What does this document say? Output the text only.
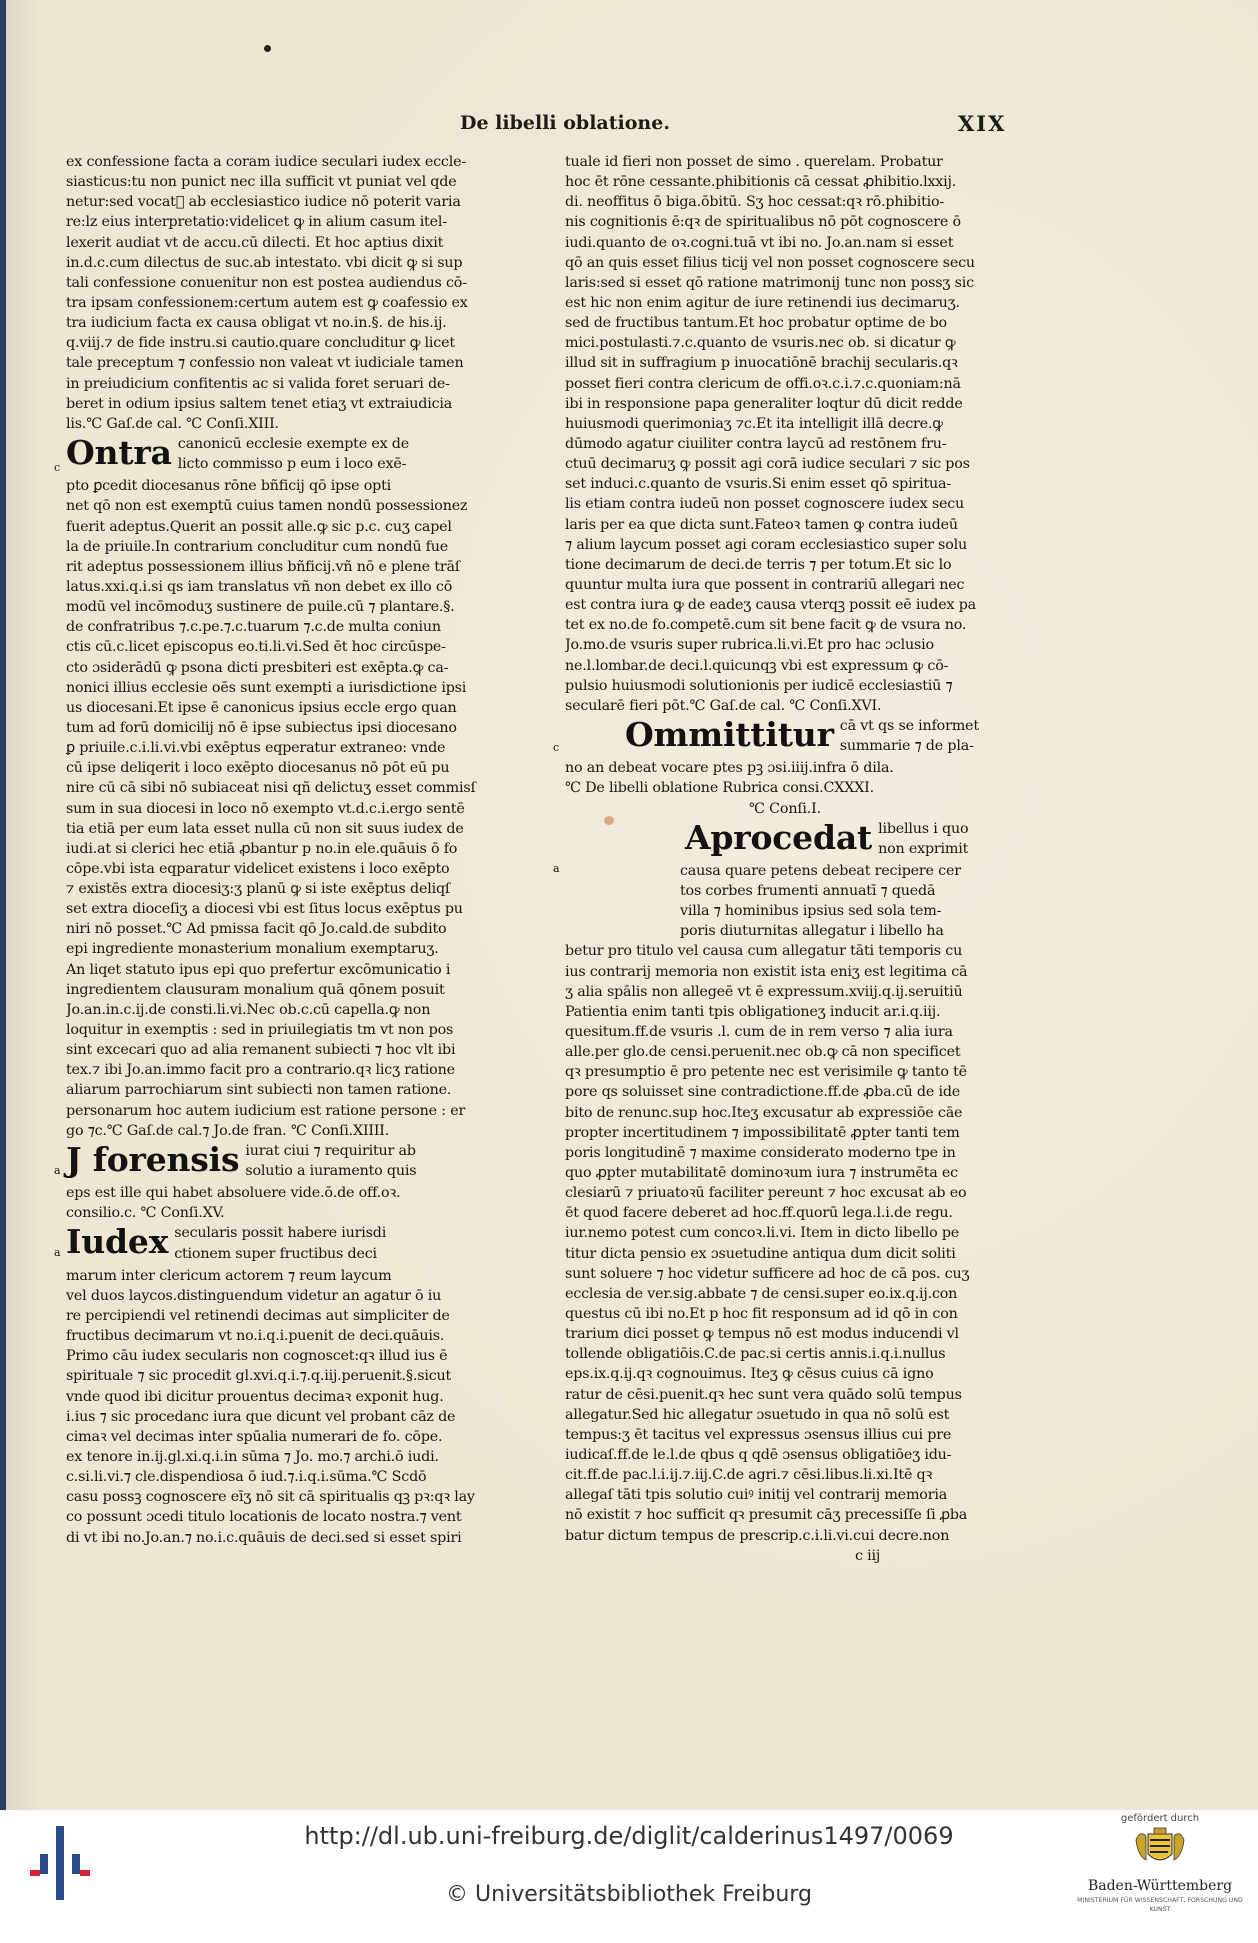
De libelli oblatione.	XIX
ex confessione facta a coram iudice seculari iudex eccle-
siasticus:tu non punict nec illa sufficit vt puniat vel qde
netur:sed vocat᷑ ab ecclesiastico iudice nō poterit varia
re:lz eius interpretatio:videlicet ꝙ in alium casum itel-
lexerit audiat vt de accu.cū dilecti. Et hoc aptius dixit
in.d.c.cum dilectus de suc.ab intestato. vbi dicit ꝙ si sup
tali confessione conuenitur non est postea audiendus cō-
tra ipsam confessionem:certum autem est ꝙ coafessio ex
tra iudicium facta ex causa obligat vt no.in.§. de his.ij.
q.viij.⁊ de fide instru.si cautio.quare concluditur ꝙ licet
tale preceptum ⁊ confessio non valeat vt iudiciale tamen
in preiudicium confitentis ac si valida foret seruari de-
beret in odium ipsius saltem tenet etiaʒ vt extraiudicia
lis.℃ Gaſ.de cal. ℃ Conſi.XIII.
c Ontra canonicū ecclesie exempte ex de
licto commisso p eum i loco exē-
pto ꝑcedit diocesanus rōne bñficij qō ipse opti
net qō non est exemptū cuius tamen nondū possessionez
fuerit adeptus.Querit an possit alle.ꝙ sic p.c. cuʒ capel
la de priuile.In contrarium concluditur cum nondū fue
rit adeptus possessionem illius bñficij.vñ nō e plene trāſ
latus.xxi.q.i.si qs iam translatus vñ non debet ex illo cō
modū vel incōmoduʒ sustinere de puile.cū ⁊ plantare.§.
de confratribus ⁊.c.pe.⁊.c.tuarum ⁊.c.de multa coniun
ctis cū.c.licet episcopus eo.ti.li.vi.Sed ēt hoc circūspe-
cto ɔsiderādū ꝙ psona dicti presbiteri est exēpta.ꝙ ca-
nonici illius ecclesie oēs sunt exempti a iurisdictione ipsi
us diocesani.Et ipse ē canonicus ipsius eccle ergo quan
tum ad forū domicilij nō ē ipse subiectus ipsi diocesano
ꝑ priuile.c.i.li.vi.vbi exēptus eqperatur extraneo: vnde
cū ipse deliqerit i loco exēpto diocesanus nō pōt eū pu
nire cū cā sibi nō subiaceat nisi qñ delictuʒ esset commisſ
sum in sua diocesi in loco nō exempto vt.d.c.i.ergo sentē
tia etiā per eum lata esset nulla cū non sit suus iudex de
iudi.at si clerici hec etiā ꝓbantur p no.in ele.quāuis ō fo
cōpe.vbi ista eqparatur videlicet existens i loco exēpto
⁊ existēs extra diocesiʒ:ʒ planū ꝙ si iste exēptus deliqſ
set extra dioceſiʒ a diocesi vbi est ſitus locus exēptus pu
niri nō posset.℃ Ad pmissa facit qō Jo.cald.de subdito
epi ingrediente monasterium monalium exemptaruʒ.
An liqet statuto ipus epi quo prefertur excōmunicatio i
ingredientem clausuram monalium quā qōnem posuit
Jo.an.in.c.ij.de consti.li.vi.Nec ob.c.cū capella.ꝙ non
loquitur in exemptis : sed in priuilegiatis tm vt non pos
sint excecari quo ad alia remanent subiecti ⁊ hoc vlt ibi
tex.⁊ ibi Jo.an.immo facit pro a contrario.qꝛ licʒ ratione
aliarum parrochiarum sint subiecti non tamen ratione.
personarum hoc autem iudicium est ratione persone : er
go ⁊c.℃ Gaſ.de cal.⁊ Jo.de fran. ℃ Conſi.XIIII.
a J forensis iurat ciui ⁊ requiritur ab
solutio a iuramento quis
eps est ille qui habet absoluere vide.ō.de off.oꝛ.
consilio.c. ℃ Conſi.XV.
a Iudex secularis possit habere iurisdi
ctionem super fructibus deci
marum inter clericum actorem ⁊ reum laycum
vel duos laycos.distinguendum videtur an agatur ō iu
re percipiendi vel retinendi decimas aut simpliciter de
fructibus decimarum vt no.i.q.i.puenit de deci.quāuis.
Primo cāu iudex secularis non cognoscet:qꝛ illud ius ē
spirituale ⁊ sic procedit gl.xvi.q.i.⁊.q.iij.peruenit.§.sicut
vnde quod ibi dicitur prouentus decimaꝛ exponit hug.
i.ius ⁊ sic procedanc iura que dicunt vel probant cāz de
cimaꝛ vel decimas inter spūalia numerari de fo. cōpe.
ex tenore in.ij.gl.xi.q.i.in sūma ⁊ Jo. mo.⁊ archi.ō iudi.
c.si.li.vi.⁊ cle.dispendiosa ō iud.⁊.i.q.i.sūma.℃ Scdō
casu possꝫ cognoscere eīʒ nō sit cā spiritualis qꝫ pꝛ:qꝛ lay
co possunt ɔcedi titulo locationis de locato nostra.⁊ vent
di vt ibi no.Jo.an.⁊ no.i.c.quāuis de deci.sed si esset spiri
tuale id fieri non posset de simo . querelam. Probatur
hoc ēt rōne cessante.phibitionis cā cessat ꝓhibitio.lxxij.
di. neoffitus ō biga.ōbitū. Sʒ hoc cessat:qꝛ rō.phibitio-
nis cognitionis ē:qꝛ de spiritualibus nō pōt cognoscere ō
iudi.quanto de oꝛ.cogni.tuā vt ibi no. Jo.an.nam si esset
qō an quis esset filius ticij vel non posset cognoscere secu
laris:sed si esset qō ratione matrimonij tunc non possʒ sic
est hic non enim agitur de iure retinendi ius decimaruʒ.
sed de fructibus tantum.Et hoc probatur optime de bo
mici.postulasti.⁊.c.quanto de vsuris.nec ob. si dicatur ꝙ
illud sit in suffragium p inuocatiōnē brachij secularis.qꝛ
posset fieri contra clericum de offi.oꝛ.c.i.⁊.c.quoniam:nā
ibi in responsione papa generaliter loqtur dū dicit redde
huiusmodi querimoniaʒ ⁊c.Et ita intelligit illā decre.ꝙ
dūmodo agatur ciuiliter contra laycū ad restōnem fru-
ctuū decimaruʒ ꝙ possit agi corā iudice seculari ⁊ sic pos
set induci.c.quanto de vsuris.Si enim esset qō spiritua-
lis etiam contra iudeū non posset cognoscere iudex secu
laris per ea que dicta sunt.Fateoꝛ tamen ꝙ contra iudeū
⁊ alium laycum posset agi coram ecclesiastico super solu
tione decimarum de deci.de terris ⁊ per totum.Et sic lo
quuntur multa iura que possent in contrariū allegari nec
est contra iura ꝙ de eadeʒ causa vterqꝫ possit eē iudex pa
tet ex no.de fo.competē.cum sit bene facit ꝙ de vsura no.
Jo.mo.de vsuris super rubrica.li.vi.Et pro hac ɔclusio
ne.l.lombar.de deci.l.quicunqꝫ vbi est expressum ꝙ cō-
pulsio huiusmodi solutionionis per iudicē ecclesiastiū ⁊
secularē fieri pōt.℃ Gaſ.de cal. ℃ Conſi.XVI.
c Ommittitur cā vt qs se informet
summarie ⁊ de pla-
no an debeat vocare ptes pꝫ ɔsi.iiij.infra ō dila.
℃ De libelli oblatione Rubrica consi.CXXXI.
℃ Conſi.I.
a
Aprocedat libellus i quo
non exprimit
causa quare petens debeat recipere cer
tos corbes frumenti annuatī ⁊ quedā
villa ⁊ hominibus ipsius sed sola tem-
poris diuturnitas allegatur i libello ha
betur pro titulo vel causa cum allegatur tāti temporis cu
ius contrarij memoria non existit ista eniʒ est legitima cā
ʒ alia spālis non allegeē vt ē expressum.xviij.q.ij.seruitiū
Patientia enim tanti tpis obligationeʒ inducit ar.i.q.iij.
quesitum.ff.de vsuris .l. cum de in rem verso ⁊ alia iura
alle.per glo.de censi.peruenit.nec ob.ꝙ cā non specificet
qꝛ presumptio ē pro petente nec est verisimile ꝙ tanto tē
pore qs soluisset sine contradictione.ff.de ꝓba.cū de ide
bito de renunc.sup hoc.Iteʒ excusatur ab expressiōe cāe
propter incertitudinem ⁊ impossibilitatē ꝓpter tanti tem
poris longitudinē ⁊ maxime considerato moderno tpe in
quo ꝓpter mutabilitatē dominoꝛum iura ⁊ instrumēta ec
clesiarū ⁊ priuatoꝛū faciliter pereunt ⁊ hoc excusat ab eo
ēt quod facere deberet ad hoc.ff.quorū lega.l.i.de regu.
iur.nemo potest cum concoꝛ.li.vi. Item in dicto libello pe
titur dicta pensio ex ɔsuetudine antiqua dum dicit soliti
sunt soluere ⁊ hoc videtur sufficere ad hoc de cā pos. cuʒ
ecclesia de ver.sig.abbate ⁊ de censi.super eo.ix.q.ij.con
questus cū ibi no.Et p hoc fit responsum ad id qō in con
trarium dici posset ꝙ tempus nō est modus inducendi vl
tollende obligatiōis.C.de pac.si certis annis.i.q.i.nullus
eps.ix.q.ij.qꝛ cognouimus. Iteʒ ꝙ cēsus cuius cā igno
ratur de cēsi.puenit.qꝛ hec sunt vera quādo solū tempus
allegatur.Sed hic allegatur ɔsuetudo in qua nō solū est
tempus:ʒ ēt tacitus vel expressus ɔsensus illius cui pre
iudicaſ.ff.de le.l.de qbus q qdē ɔsensus obligatiōeʒ idu-
cit.ff.de pac.l.i.ij.⁊.iij.C.de agri.⁊ cēsi.libus.li.xi.Itē qꝛ
allegaſ tāti tpis solutio cuiꝰ initij vel contrarij memoria
nō existit ⁊ hoc sufficit qꝛ presumit cāʒ precessiſſe ſi ꝓba
batur dictum tempus de prescrip.c.i.li.vi.cui decre.non
c iij
http://dl.ub.uni-freiburg.de/diglit/calderinus1497/0069
© Universitätsbibliothek Freiburg
gefördert durch
Baden-Württemberg
MINISTERIUM FÜR WISSENSCHAFT, FORSCHUNG UND KUNST
